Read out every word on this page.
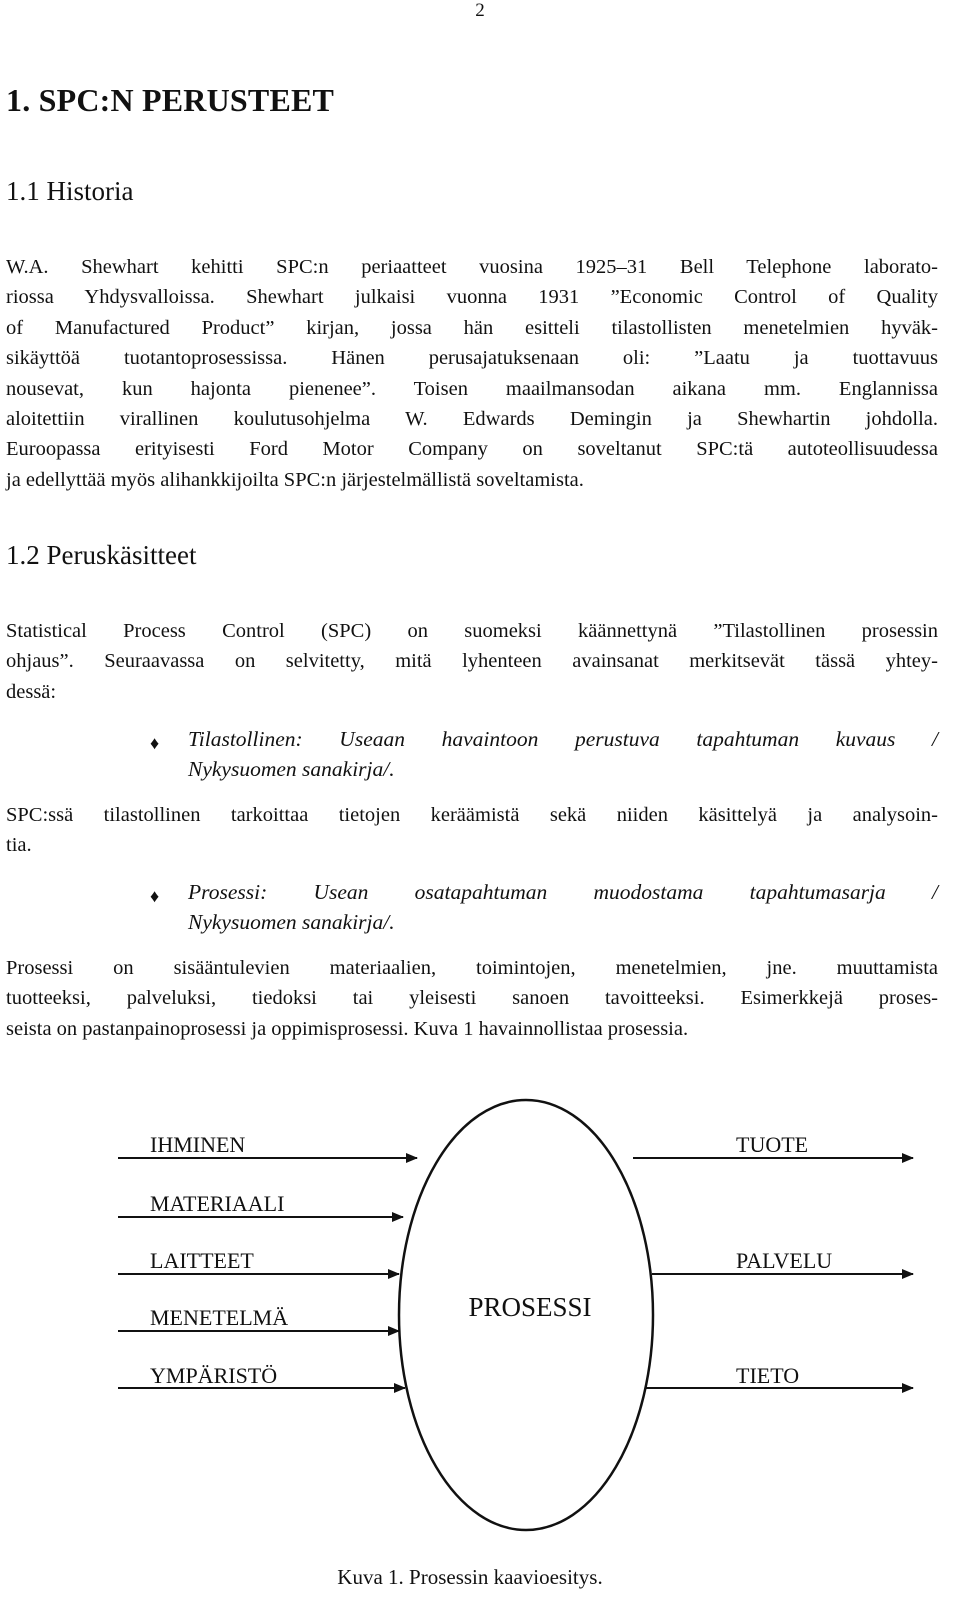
2
1. SPC:N PERUSTEET
1.1 Historia
W.A. Shewhart kehitti SPC:n periaatteet vuosina 1925–31 Bell Telephone laborato-
riossa Yhdysvalloissa. Shewhart julkaisi vuonna 1931 ”Economic Control of Quality
of Manufactured Product” kirjan, jossa hän esitteli tilastollisten menetelmien hyväk-
sikäyttöä tuotantoprosessissa. Hänen perusajatuksenaan oli: ”Laatu ja tuottavuus
nousevat, kun hajonta pienenee”. Toisen maailmansodan aikana mm. Englannissa
aloitettiin virallinen koulutusohjelma W. Edwards Demingin ja Shewhartin johdolla.
Euroopassa erityisesti Ford Motor Company on soveltanut SPC:tä autoteollisuudessa
ja edellyttää myös alihankkijoilta SPC:n järjestelmällistä soveltamista.
1.2 Peruskäsitteet
Statistical Process Control (SPC) on suomeksi käännettynä ”Tilastollinen prosessin
ohjaus”. Seuraavassa on selvitetty, mitä lyhenteen avainsanat merkitsevät tässä yhtey-
dessä:
♦ Tilastollinen: Useaan havaintoon perustuva tapahtuman kuvaus /
Nykysuomen sanakirja/.
SPC:ssä tilastollinen tarkoittaa tietojen keräämistä sekä niiden käsittelyä ja analysoin-
tia.
♦ Prosessi: Usean osatapahtuman muodostama tapahtumasarja /
Nykysuomen sanakirja/.
Prosessi on sisääntulevien materiaalien, toimintojen, menetelmien, jne. muuttamista
tuotteeksi, palveluksi, tiedoksi tai yleisesti sanoen tavoitteeksi. Esimerkkejä proses-
seista on pastanpainoprosessi ja oppimisprosessi. Kuva 1 havainnollistaa prosessia.
PROSESSI
IHMINEN
MATERIAALI
LAITTEET
MENETELMÄ
YMPÄRISTÖ
TUOTE
PALVELU
TIETO
Kuva 1. Prosessin kaavioesitys.
